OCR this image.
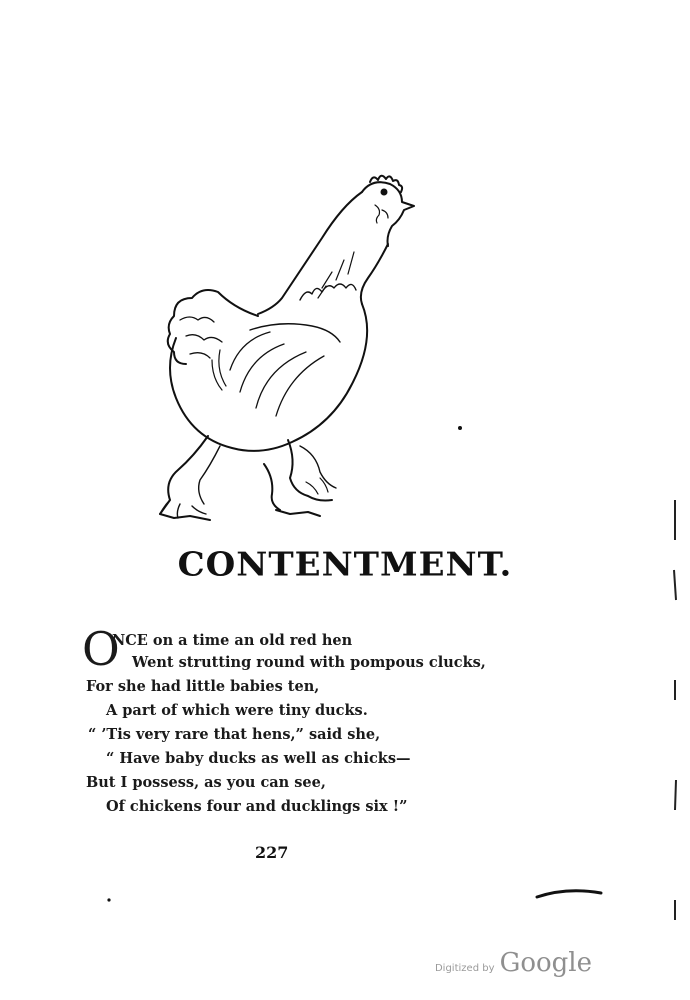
CONTENTMENT.
O
NCE on a time an old red hen
Went strutting round with pompous clucks,
For she had little babies ten,
A part of which were tiny ducks.
“ ’Tis very rare that hens,” said she,
“ Have baby ducks as well as chicks—
But I possess, as you can see,
Of chickens four and ducklings six !”
227
Digitized by Google
